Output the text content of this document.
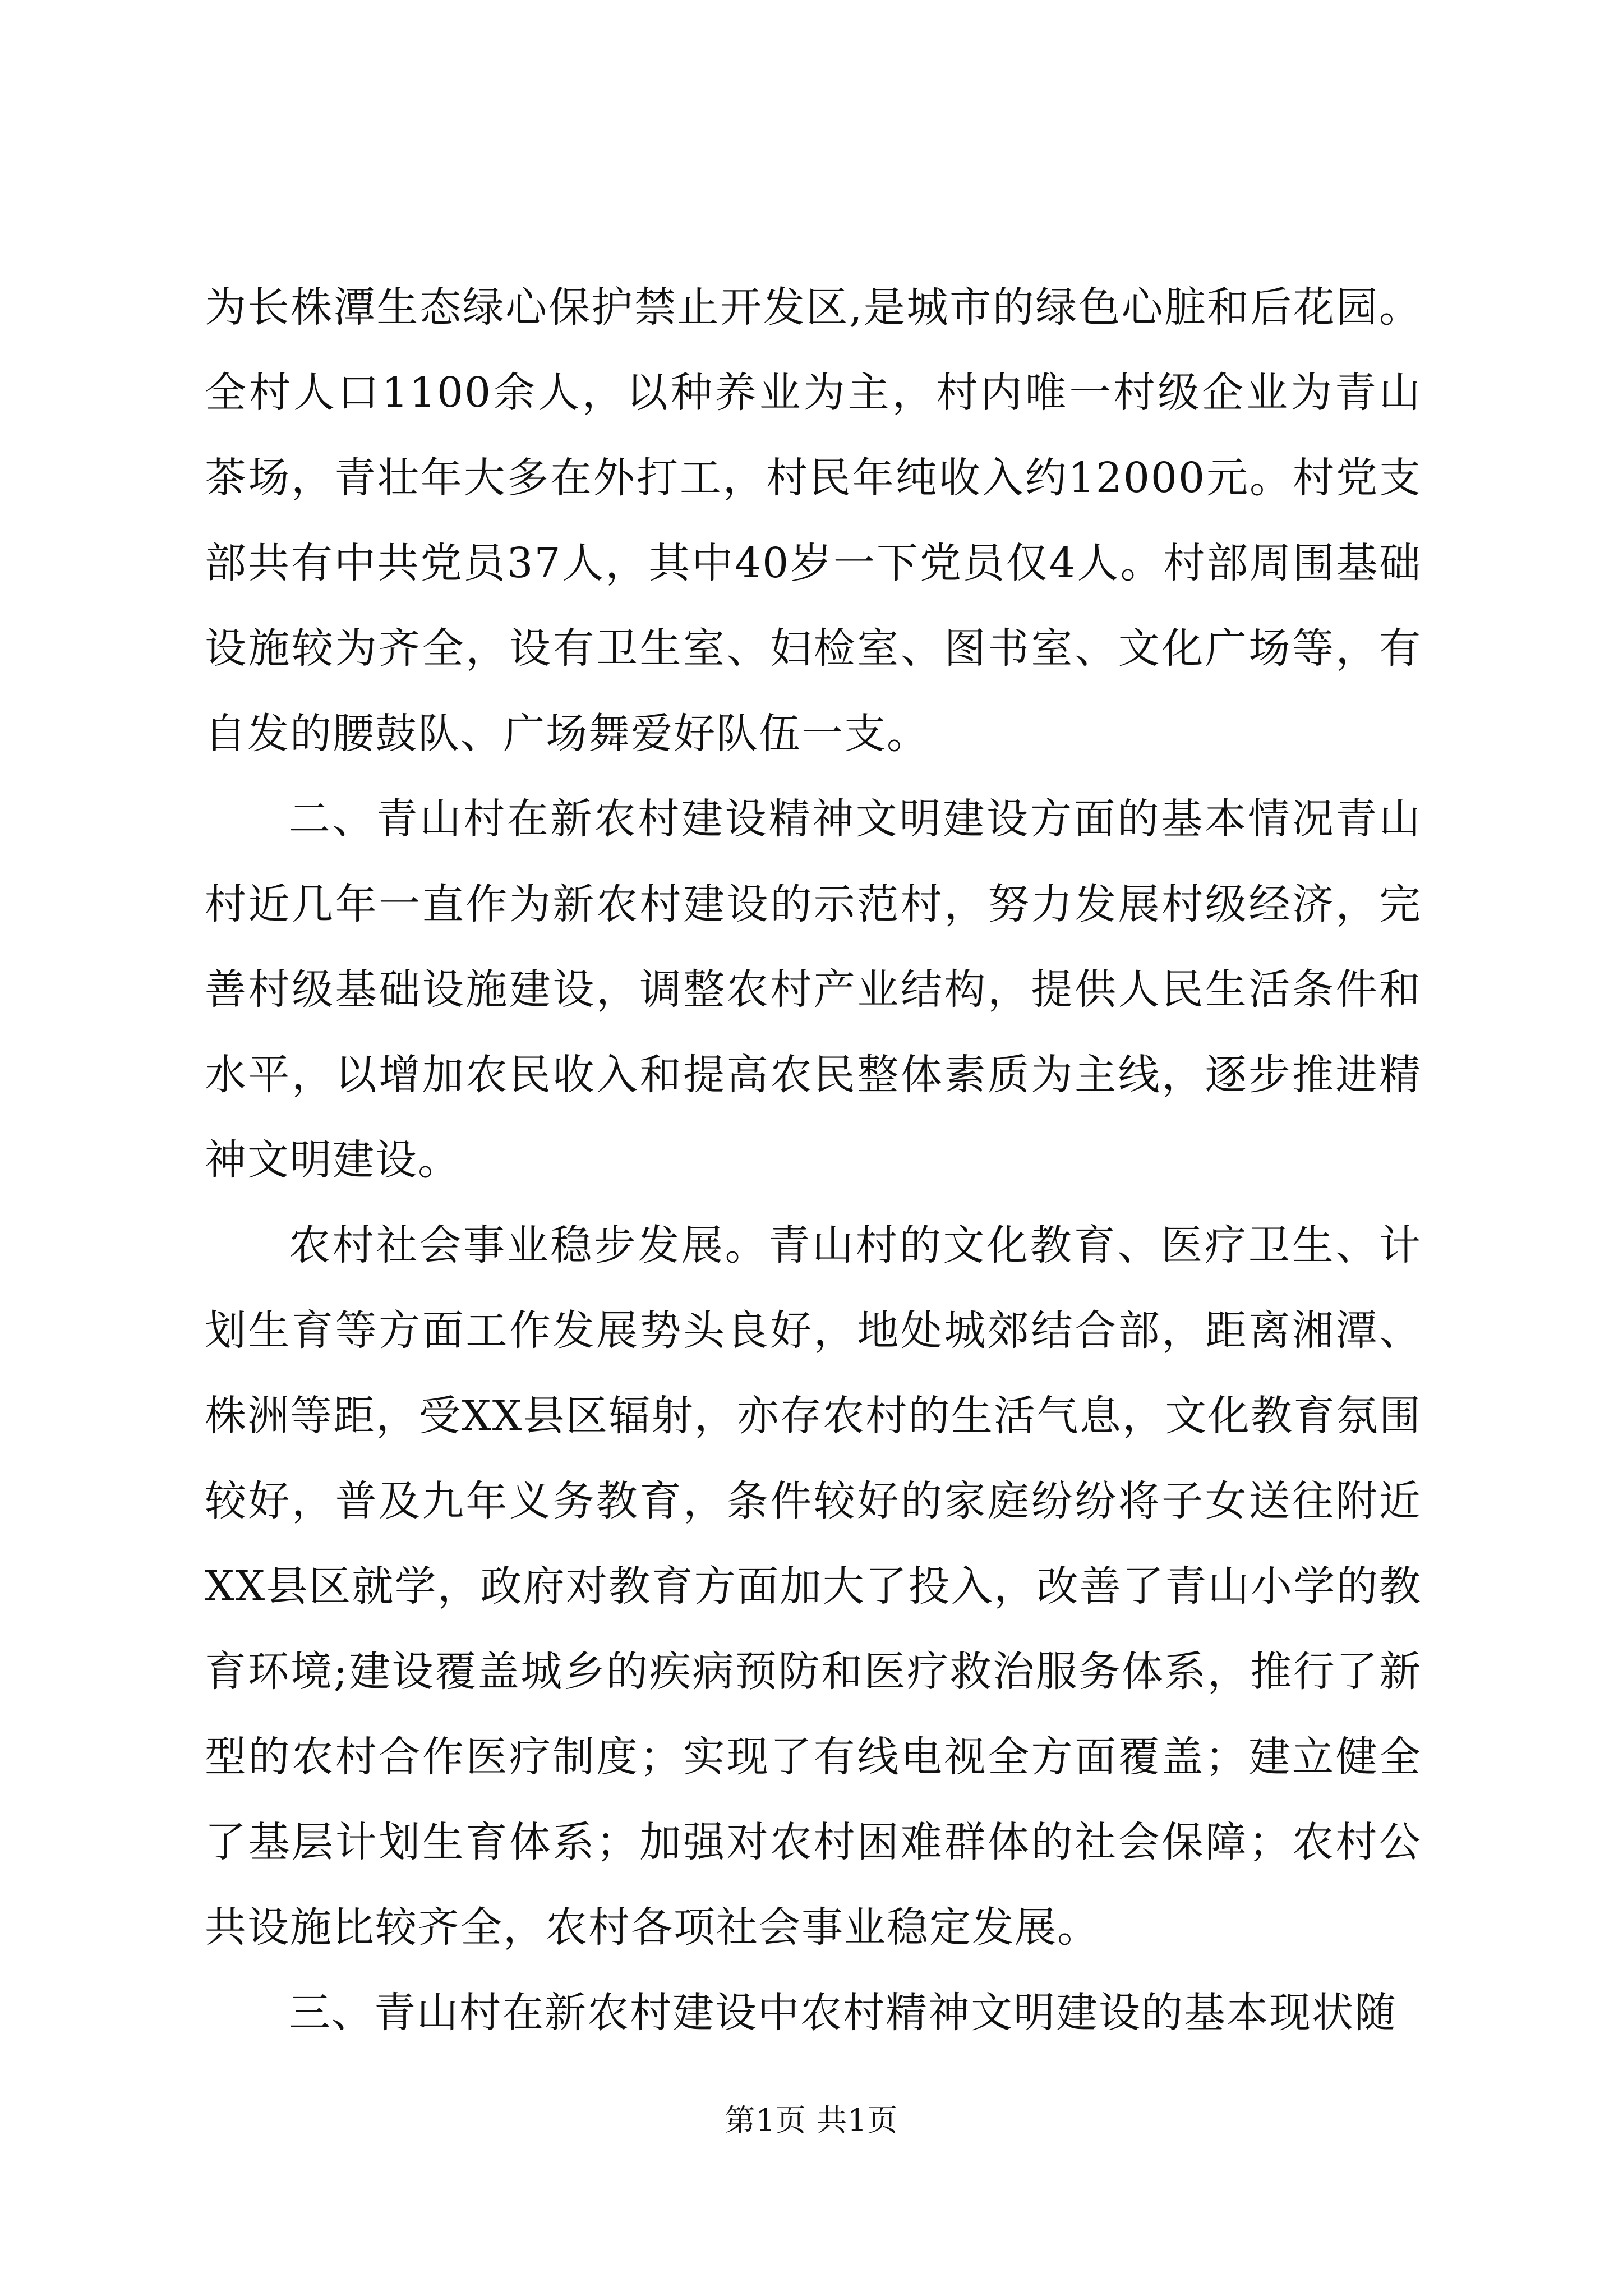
为长株潭生态绿心保护禁止开发区,是城市的绿色心脏和后花园。全村人口1100余人，以种养业为主，村内唯一村级企业为青山茶场，青壮年大多在外打工，村民年纯收入约12000元。村党支部共有中共党员37人，其中40岁一下党员仅4人。村部周围基础设施较为齐全，设有卫生室、妇检室、图书室、文化广场等，有自发的腰鼓队、广场舞爱好队伍一支。

二、青山村在新农村建设精神文明建设方面的基本情况青山村近几年一直作为新农村建设的示范村，努力发展村级经济，完善村级基础设施建设，调整农村产业结构，提供人民生活条件和水平，以增加农民收入和提高农民整体素质为主线，逐步推进精神文明建设。

农村社会事业稳步发展。青山村的文化教育、医疗卫生、计划生育等方面工作发展势头良好，地处城郊结合部，距离湘潭、株洲等距，受XX县区辐射，亦存农村的生活气息，文化教育氛围较好，普及九年义务教育，条件较好的家庭纷纷将子女送往附近XX县区就学，政府对教育方面加大了投入，改善了青山小学的教育环境;建设覆盖城乡的疾病预防和医疗救治服务体系，推行了新型的农村合作医疗制度；实现了有线电视全方面覆盖；建立健全了基层计划生育体系；加强对农村困难群体的社会保障；农村公共设施比较齐全，农村各项社会事业稳定发展。

三、青山村在新农村建设中农村精神文明建设的基本现状随

第1页 共1页
